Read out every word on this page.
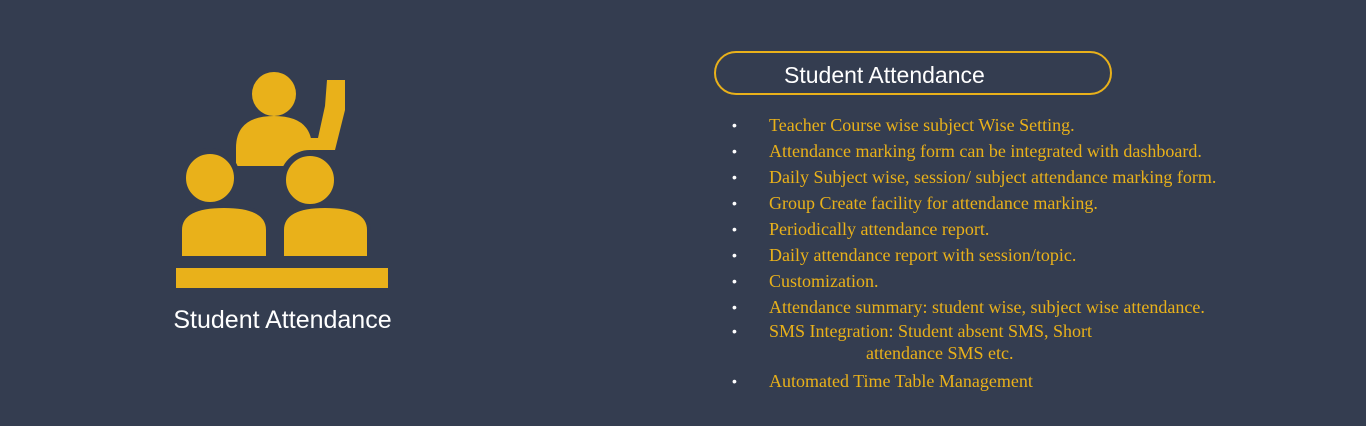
Student Attendance
Student Attendance
• Teacher Course wise subject Wise Setting.
• Attendance marking form can be integrated with dashboard.
• Daily Subject wise, session/ subject attendance marking form.
• Group Create facility for attendance marking.
• Periodically attendance report.
• Daily attendance report with session/topic.
• Customization.
• Attendance summary: student wise, subject wise attendance.
• SMS Integration: Student absent SMS, Short
attendance SMS etc.
• Automated Time Table Management
